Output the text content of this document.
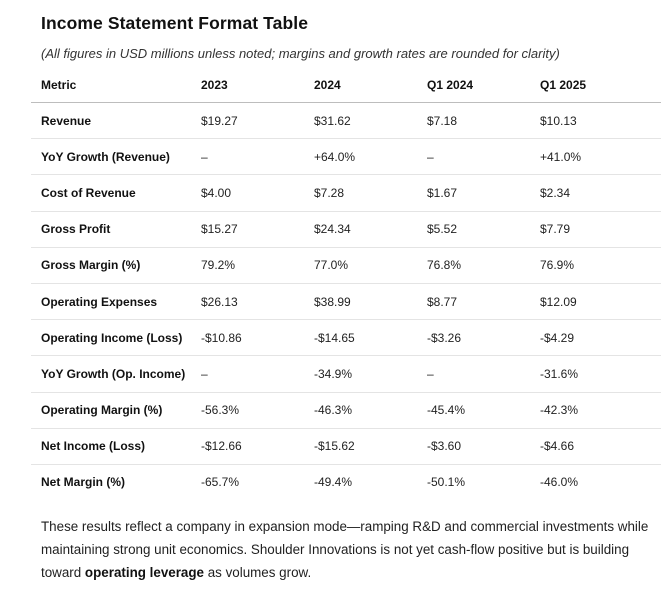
Income Statement Format Table
(All figures in USD millions unless noted; margins and growth rates are rounded for clarity)
Metric	2023	2024	Q1 2024	Q1 2025
Revenue	$19.27	$31.62	$7.18	$10.13
YoY Growth (Revenue)	–	+64.0%	–	+41.0%
Cost of Revenue	$4.00	$7.28	$1.67	$2.34
Gross Profit	$15.27	$24.34	$5.52	$7.79
Gross Margin (%)	79.2%	77.0%	76.8%	76.9%
Operating Expenses	$26.13	$38.99	$8.77	$12.09
Operating Income (Loss)	-$10.86	-$14.65	-$3.26	-$4.29
YoY Growth (Op. Income)	–	-34.9%	–	-31.6%
Operating Margin (%)	-56.3%	-46.3%	-45.4%	-42.3%
Net Income (Loss)	-$12.66	-$15.62	-$3.60	-$4.66
Net Margin (%)	-65.7%	-49.4%	-50.1%	-46.0%

These results reflect a company in expansion mode—ramping R&D and commercial investments while maintaining strong unit economics. Shoulder Innovations is not yet cash-flow positive but is building toward operating leverage as volumes grow.
